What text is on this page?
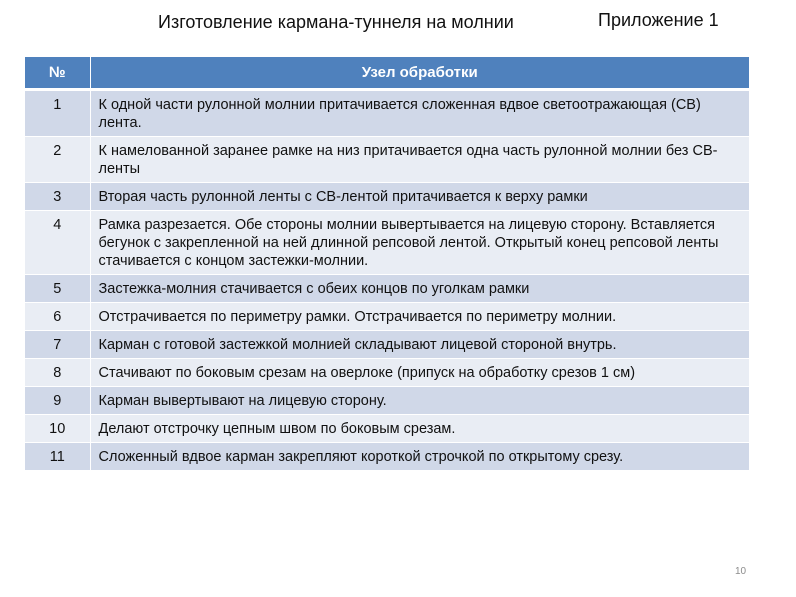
Изготовление кармана-туннеля на молнии	Приложение 1
№	Узел обработки
1	К одной части рулонной молнии притачивается сложенная вдвое светоотражающая (СВ) лента.
2	К намелованной заранее рамке на низ притачивается одна часть рулонной молнии без СВ-ленты
3	Вторая часть рулонной ленты с СВ-лентой притачивается к верху рамки
4	Рамка разрезается. Обе стороны молнии вывертывается на лицевую сторону. Вставляется бегунок с закрепленной на ней длинной репсовой лентой. Открытый конец репсовой ленты стачивается с концом застежки-молнии.
5	Застежка-молния стачивается с обеих концов по уголкам рамки
6	Отстрачивается по периметру рамки. Отстрачивается по периметру молнии.
7	Карман с готовой застежкой молнией складывают лицевой стороной внутрь.
8	Стачивают по боковым срезам на оверлоке (припуск на обработку срезов 1 см)
9	Карман вывертывают на лицевую сторону.
10	Делают отстрочку цепным швом по боковым срезам.
11	Сложенный вдвое карман закрепляют короткой строчкой по открытому срезу.
10
